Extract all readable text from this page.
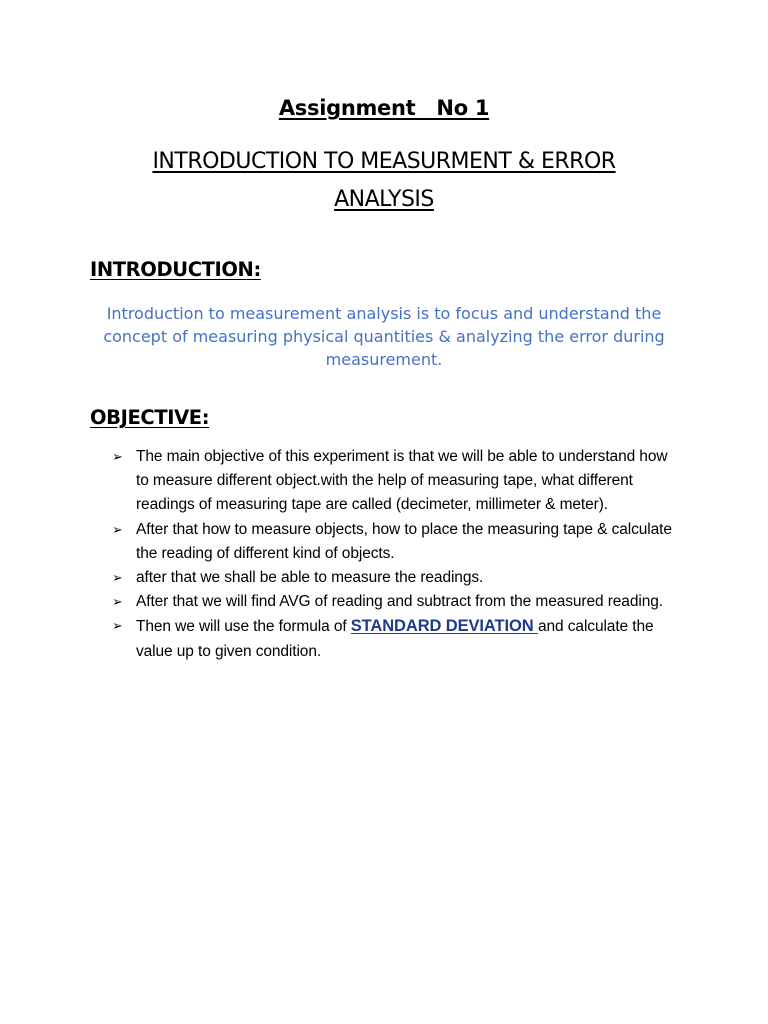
Assignment   No 1
INTRODUCTION TO MEASURMENT & ERROR ANALYSIS
INTRODUCTION:
Introduction to measurement analysis is to focus and understand the concept of measuring physical quantities & analyzing the error during measurement.
OBJECTIVE:
➢ The main objective of this experiment is that we will be able to understand how to measure different object.with the help of measuring tape, what different readings of measuring tape are called (decimeter, millimeter & meter).
➢ After that how to measure objects, how to place the measuring tape & calculate the reading of different kind of objects.
➢ after that we shall be able to measure the readings.
➢ After that we will find AVG of reading and subtract from the measured reading.
➢ Then we will use the formula of STANDARD DEVIATION and calculate the value up to given condition.
